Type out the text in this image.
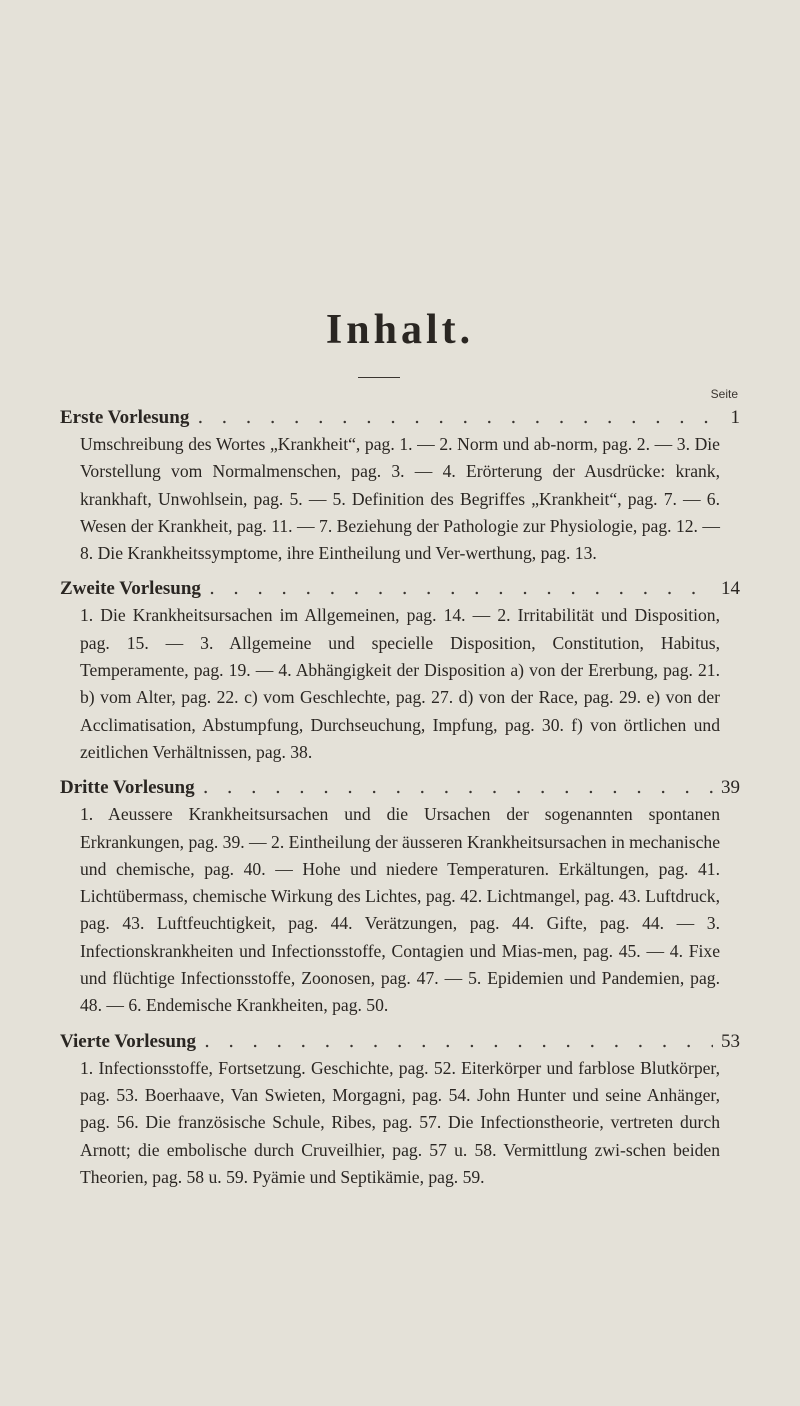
Inhalt.
Seite
Erste Vorlesung . . .	1

Umschreibung des Wortes „Krankheit“, pag. 1. — 2. Norm und ab-norm, pag. 2. — 3. Die Vorstellung vom Normalmenschen, pag. 3. — 4. Erörterung der Ausdrücke: krank, krankhaft, Unwohlsein, pag. 5. — 5. Definition des Begriffes „Krankheit“, pag. 7. — 6. Wesen der Krankheit, pag. 11. — 7. Beziehung der Pathologie zur Physiologie, pag. 12. — 8. Die Krankheitssymptome, ihre Eintheilung und Ver-werthung, pag. 13.

Zweite Vorlesung . . .	14

1. Die Krankheitsursachen im Allgemeinen, pag. 14. — 2. Irritabilität und Disposition, pag. 15. — 3. Allgemeine und specielle Disposition, Constitution, Habitus, Temperamente, pag. 19. — 4. Abhängigkeit der Disposition a) von der Ererbung, pag. 21. b) vom Alter, pag. 22. c) vom Geschlechte, pag. 27. d) von der Race, pag. 29. e) von der Acclimatisation, Abstumpfung, Durchseuchung, Impfung, pag. 30. f) von örtlichen und zeitlichen Verhältnissen, pag. 38.

Dritte Vorlesung . . .	39

1. Aeussere Krankheitsursachen und die Ursachen der sogenannten spontanen Erkrankungen, pag. 39. — 2. Eintheilung der äusseren Krankheitsursachen in mechanische und chemische, pag. 40. — Hohe und niedere Temperaturen. Erkältungen, pag. 41. Lichtübermass, chemische Wirkung des Lichtes, pag. 42. Lichtmangel, pag. 43. Luftdruck, pag. 43. Luftfeuchtigkeit, pag. 44. Verätzungen, pag. 44. Gifte, pag. 44. — 3. Infectionskrankheiten und Infectionsstoffe, Contagien und Mias-men, pag. 45. — 4. Fixe und flüchtige Infectionsstoffe, Zoonosen, pag. 47. — 5. Epidemien und Pandemien, pag. 48. — 6. Endemische Krankheiten, pag. 50.

Vierte Vorlesung . . .	53

1. Infectionsstoffe, Fortsetzung. Geschichte, pag. 52. Eiterkörper und farblose Blutkörper, pag. 53. Boerhaave, Van Swieten, Morgagni, pag. 54. John Hunter und seine Anhänger, pag. 56. Die französische Schule, Ribes, pag. 57. Die Infectionstheorie, vertreten durch Arnott; die embolische durch Cruveilhier, pag. 57 u. 58. Vermittlung zwi-schen beiden Theorien, pag. 58 u. 59. Pyämie und Septikämie, pag. 59.
